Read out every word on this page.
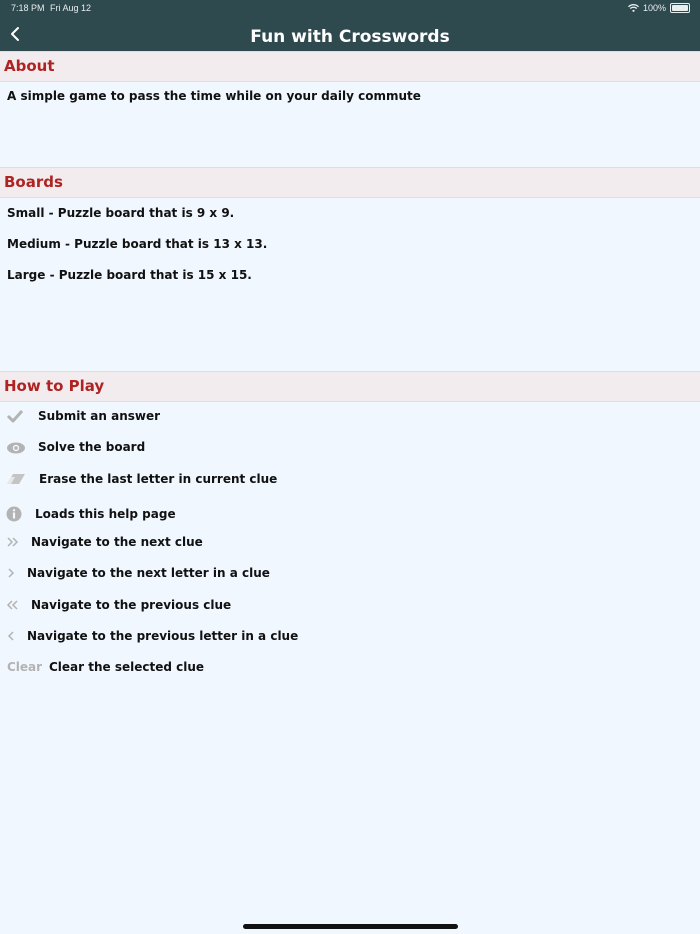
7:18 PM Fri Aug 12	100%
Fun with Crosswords
About
A simple game to pass the time while on your daily commute
Boards
Small - Puzzle board that is 9 x 9.
Medium - Puzzle board that is 13 x 13.
Large - Puzzle board that is 15 x 15.
How to Play
Submit an answer
Solve the board
Erase the last letter in current clue
Loads this help page
Navigate to the next clue
Navigate to the next letter in a clue
Navigate to the previous clue
Navigate to the previous letter in a clue
Clear Clear the selected clue
